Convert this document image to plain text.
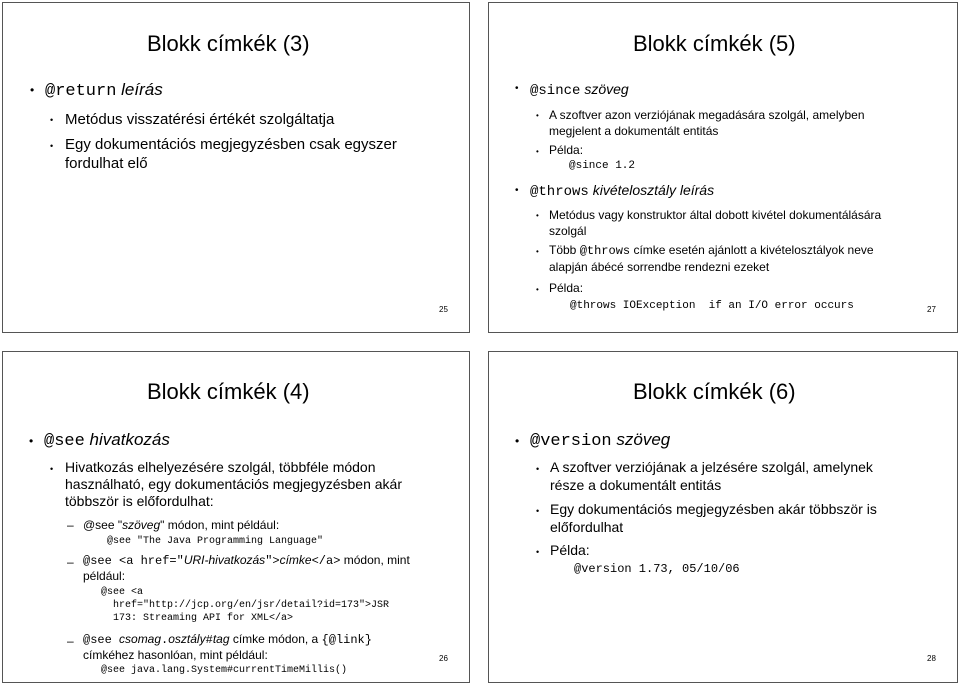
Blokk címkék (3)
• @return leírás
• Metódus visszatérési értékét szolgáltatja
• Egy dokumentációs megjegyzésben csak egyszer
fordulhat elő
25
Blokk címkék (5)
• @since szöveg
• A szoftver azon verziójának megadására szolgál, amelyben
megjelent a dokumentált entitás
• Példa:
@since 1.2
• @throws kivételosztály leírás
• Metódus vagy konstruktor által dobott kivétel dokumentálására
szolgál
• Több @throws címke esetén ajánlott a kivételosztályok neve
alapján ábécé sorrendbe rendezni ezeket
• Példa:
@throws IOException  if an I/O error occurs	27
Blokk címkék (4)
• @see hivatkozás
• Hivatkozás elhelyezésére szolgál, többféle módon
használható, egy dokumentációs megjegyzésben akár
többször is előfordulhat:
– @see "szöveg" módon, mint például:
@see "The Java Programming Language"
– @see <a href="URI-hivatkozás">címke</a> módon, mint
például:
@see <a
href="http://jcp.org/en/jsr/detail?id=173">JSR
173: Streaming API for XML</a>
– @see csomag.osztály#tag címke módon, a {@link}
címkéhez hasonlóan, mint például:
@see java.lang.System#currentTimeMillis()
26
Blokk címkék (6)
• @version szöveg
• A szoftver verziójának a jelzésére szolgál, amelynek
része a dokumentált entitás
• Egy dokumentációs megjegyzésben akár többször is
előfordulhat
• Példa:
@version 1.73, 05/10/06
28
